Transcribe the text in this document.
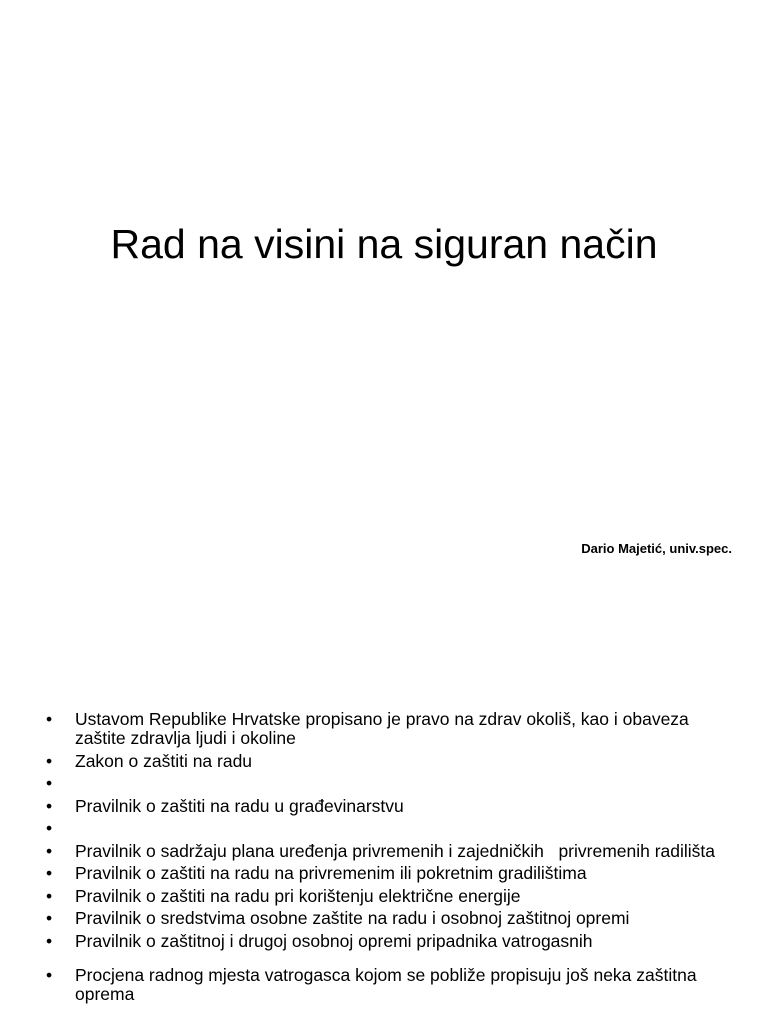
Rad na visini na siguran način
Dario Majetić, univ.spec.
•	Ustavom Republike Hrvatske propisano je pravo na zdrav okoliš, kao i obaveza zaštite zdravlja ljudi i okoline
•	Zakon o zaštiti na radu
•
•	Pravilnik o zaštiti na radu u građevinarstvu
•
•	Pravilnik o sadržaju plana uređenja privremenih i zajedničkih   privremenih radilišta
•	Pravilnik o zaštiti na radu na privremenim ili pokretnim gradilištima
•	Pravilnik o zaštiti na radu pri korištenju električne energije
•	Pravilnik o sredstvima osobne zaštite na radu i osobnoj zaštitnoj opremi
•	Pravilnik o zaštitnoj i drugoj osobnoj opremi pripadnika vatrogasnih
•	Procjena radnog mjesta vatrogasca kojom se pobliže propisuju još neka zaštitna oprema
